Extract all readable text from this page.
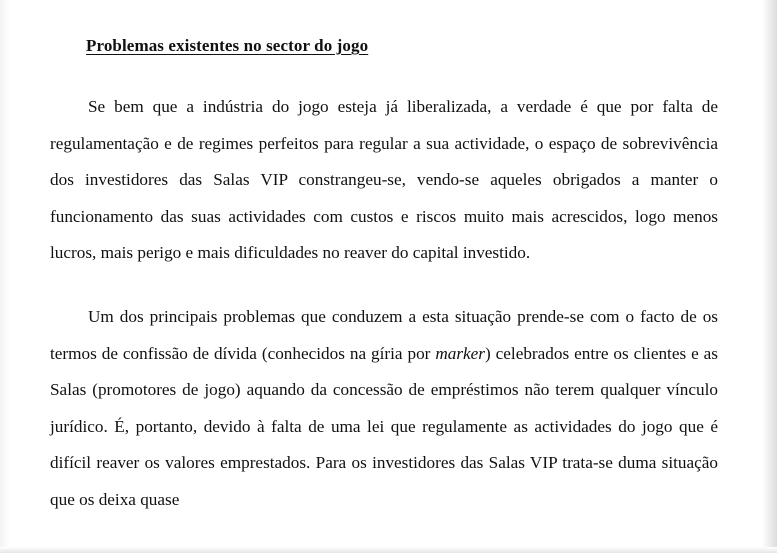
Problemas existentes no sector do jogo

Se bem que a indústria do jogo esteja já liberalizada, a verdade é que por falta de regulamentação e de regimes perfeitos para regular a sua actividade, o espaço de sobrevivência dos investidores das Salas VIP constrangeu-se, vendo-se aqueles obrigados a manter o funcionamento das suas actividades com custos e riscos muito mais acrescidos, logo menos lucros, mais perigo e mais dificuldades no reaver do capital investido.

Um dos principais problemas que conduzem a esta situação prende-se com o facto de os termos de confissão de dívida (conhecidos na gíria por marker) celebrados entre os clientes e as Salas (promotores de jogo) aquando da concessão de empréstimos não terem qualquer vínculo jurídico. É, portanto, devido à falta de uma lei que regulamente as actividades do jogo que é difícil reaver os valores emprestados. Para os investidores das Salas VIP trata-se duma situação que os deixa quase
